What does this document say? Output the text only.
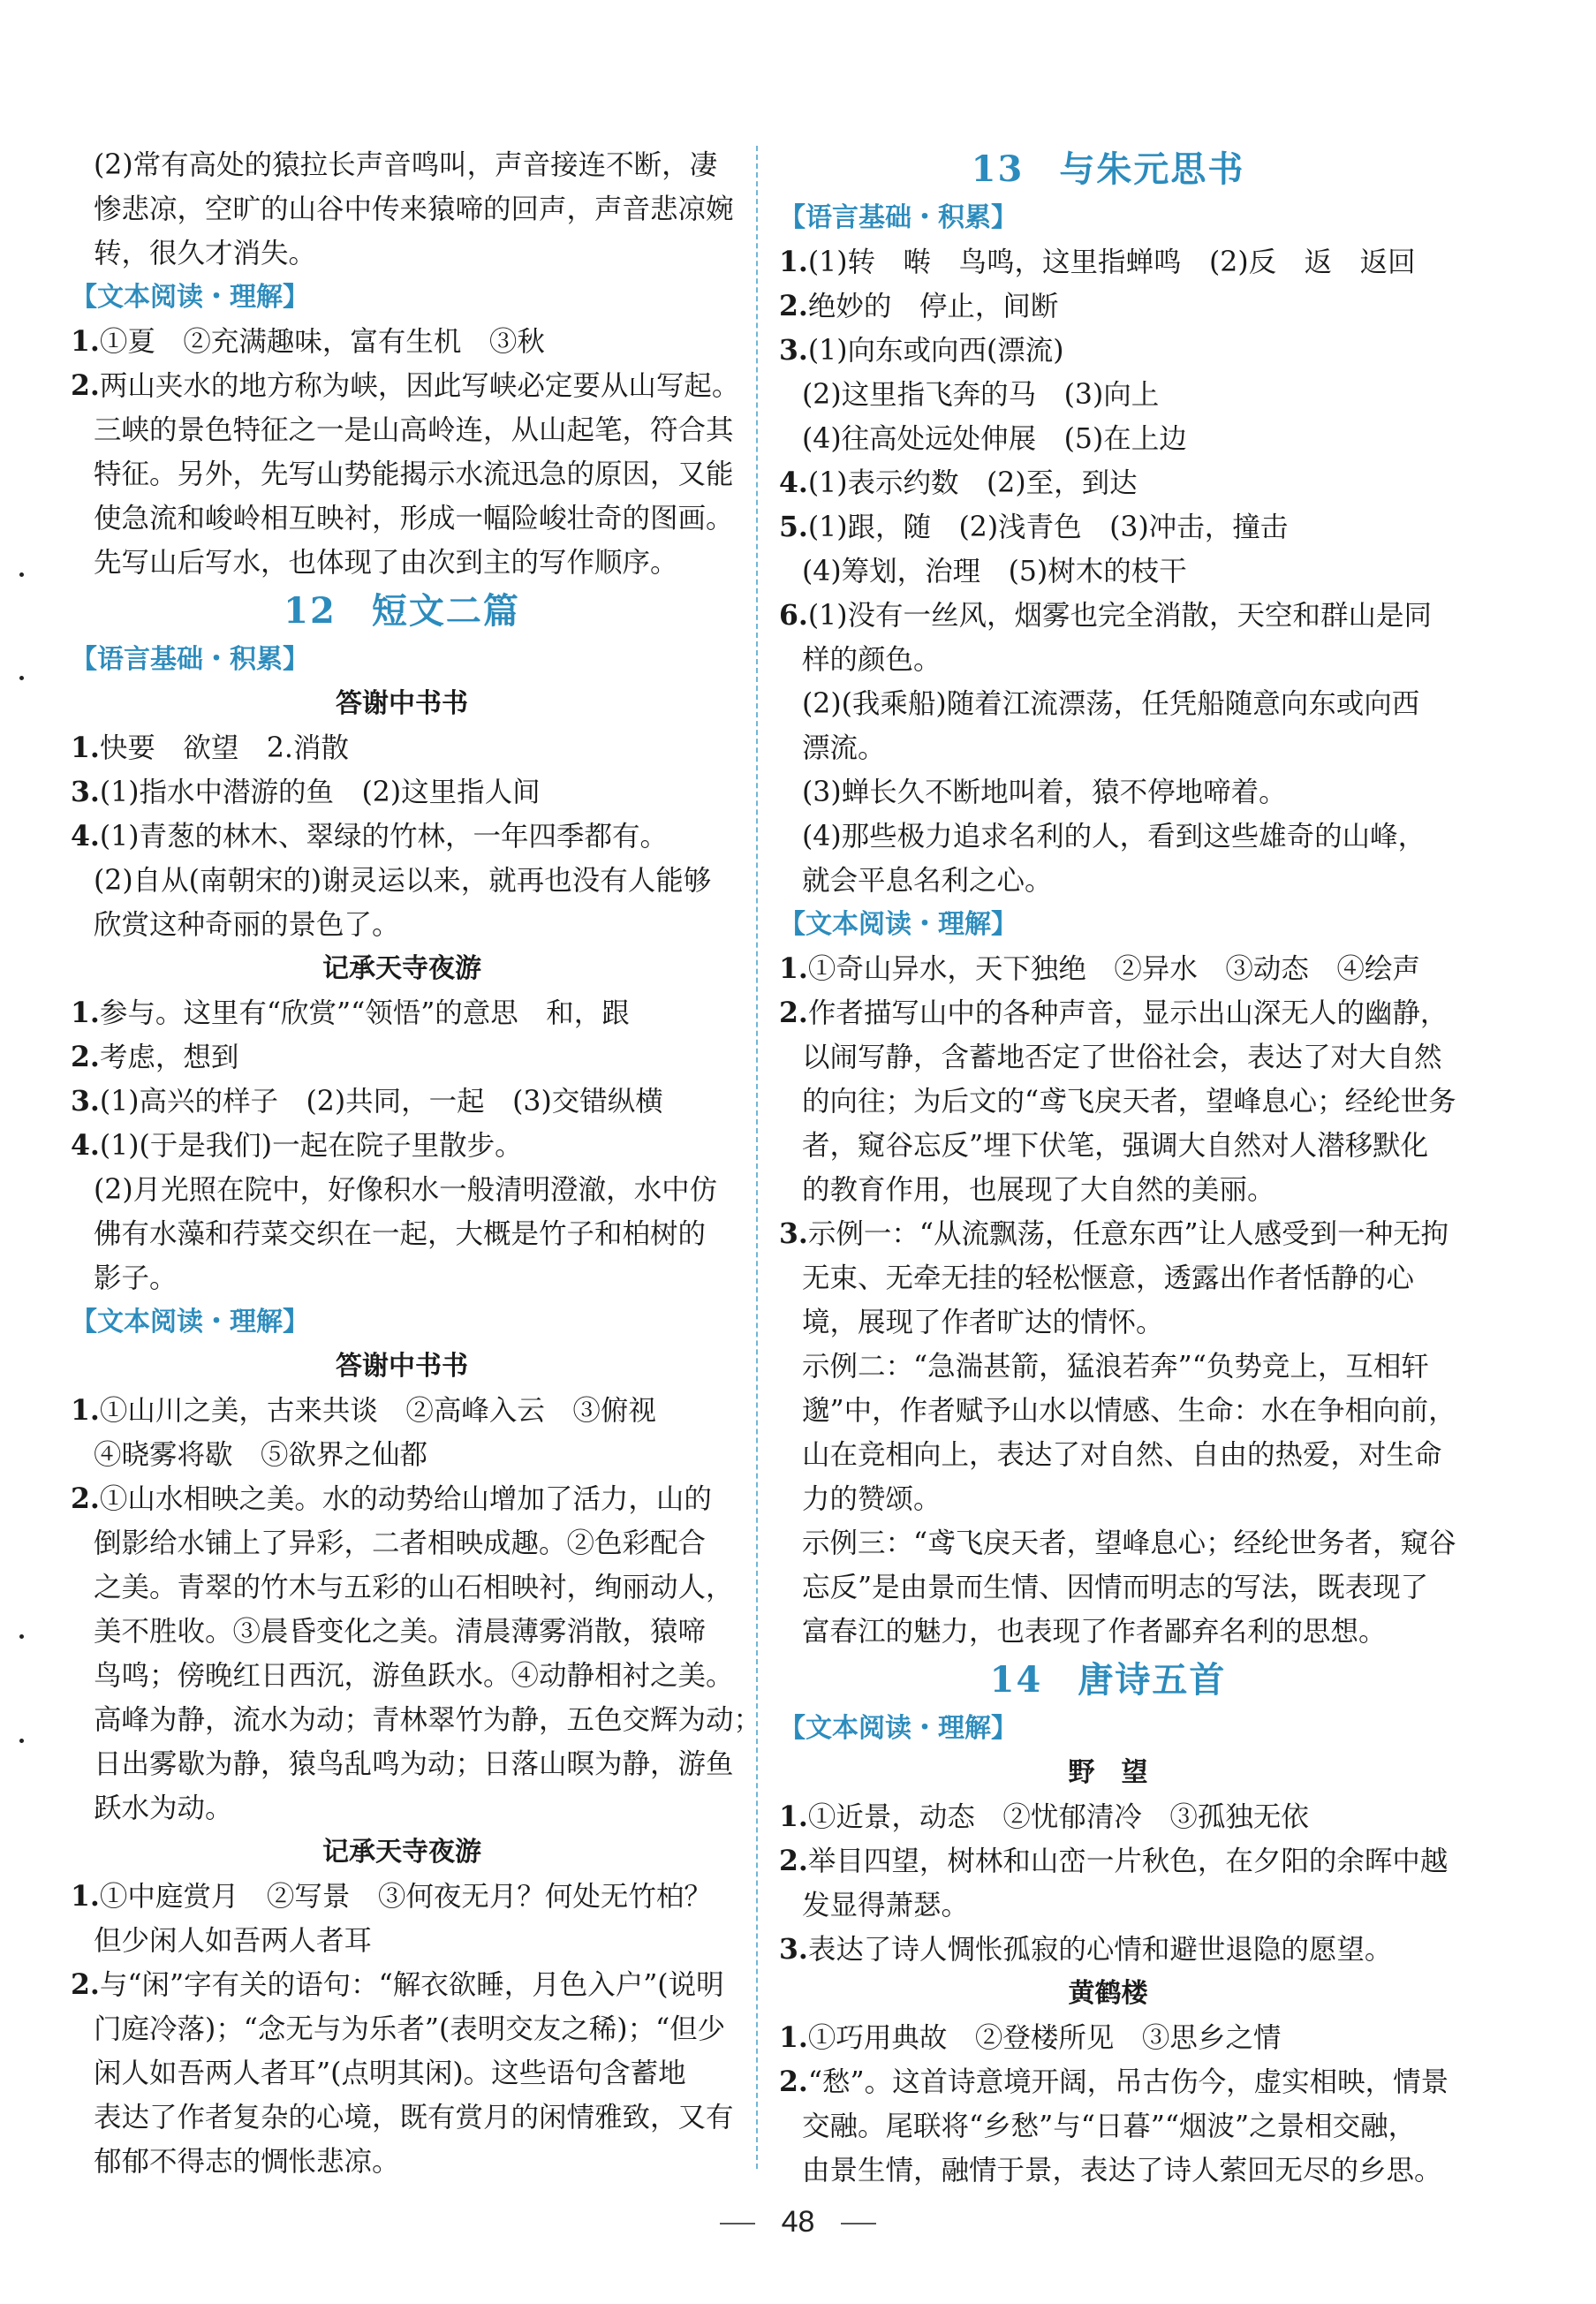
(2)常有高处的猿拉长声音鸣叫，声音接连不断，凄
惨悲凉，空旷的山谷中传来猿啼的回声，声音悲凉婉
转，很久才消失。
【文本阅读・理解】
1.①夏　②充满趣味，富有生机　③秋
2.两山夹水的地方称为峡，因此写峡必定要从山写起。
三峡的景色特征之一是山高岭连，从山起笔，符合其
特征。另外，先写山势能揭示水流迅急的原因，又能
使急流和峻岭相互映衬，形成一幅险峻壮奇的图画。
先写山后写水，也体现了由次到主的写作顺序。
12 短文二篇
【语言基础・积累】
答谢中书书
1.快要　欲望　2.消散
3.(1)指水中潜游的鱼　(2)这里指人间
4.(1)青葱的林木、翠绿的竹林，一年四季都有。
(2)自从(南朝宋的)谢灵运以来，就再也没有人能够
欣赏这种奇丽的景色了。
记承天寺夜游
1.参与。这里有“欣赏”“领悟”的意思　和，跟
2.考虑，想到
3.(1)高兴的样子　(2)共同，一起　(3)交错纵横
4.(1)(于是我们)一起在院子里散步。
(2)月光照在院中，好像积水一般清明澄澈，水中仿
佛有水藻和荇菜交织在一起，大概是竹子和柏树的
影子。
【文本阅读・理解】
答谢中书书
1.①山川之美，古来共谈　②高峰入云　③俯视
④晓雾将歇　⑤欲界之仙都
2.①山水相映之美。水的动势给山增加了活力，山的
倒影给水铺上了异彩，二者相映成趣。②色彩配合
之美。青翠的竹木与五彩的山石相映衬，绚丽动人，
美不胜收。③晨昏变化之美。清晨薄雾消散，猿啼
鸟鸣；傍晚红日西沉，游鱼跃水。④动静相衬之美。
高峰为静，流水为动；青林翠竹为静，五色交辉为动；
日出雾歇为静，猿鸟乱鸣为动；日落山暝为静，游鱼
跃水为动。
记承天寺夜游
1.①中庭赏月　②写景　③何夜无月？何处无竹柏？
但少闲人如吾两人者耳
2.与“闲”字有关的语句：“解衣欲睡，月色入户”(说明
门庭冷落)；“念无与为乐者”(表明交友之稀)；“但少
闲人如吾两人者耳”(点明其闲)。这些语句含蓄地
表达了作者复杂的心境，既有赏月的闲情雅致，又有
郁郁不得志的惆怅悲凉。
13 与朱元思书
【语言基础・积累】
1.(1)转　啭　鸟鸣，这里指蝉鸣　(2)反　返　返回
2.绝妙的　停止，间断
3.(1)向东或向西(漂流)
(2)这里指飞奔的马　(3)向上
(4)往高处远处伸展　(5)在上边
4.(1)表示约数　(2)至，到达
5.(1)跟，随　(2)浅青色　(3)冲击，撞击
(4)筹划，治理　(5)树木的枝干
6.(1)没有一丝风，烟雾也完全消散，天空和群山是同
样的颜色。
(2)(我乘船)随着江流漂荡，任凭船随意向东或向西
漂流。
(3)蝉长久不断地叫着，猿不停地啼着。
(4)那些极力追求名利的人，看到这些雄奇的山峰，
就会平息名利之心。
【文本阅读・理解】
1.①奇山异水，天下独绝　②异水　③动态　④绘声
2.作者描写山中的各种声音，显示出山深无人的幽静，
以闹写静，含蓄地否定了世俗社会，表达了对大自然
的向往；为后文的“鸢飞戾天者，望峰息心；经纶世务
者，窥谷忘反”埋下伏笔，强调大自然对人潜移默化
的教育作用，也展现了大自然的美丽。
3.示例一：“从流飘荡，任意东西”让人感受到一种无拘
无束、无牵无挂的轻松惬意，透露出作者恬静的心
境，展现了作者旷达的情怀。
示例二：“急湍甚箭，猛浪若奔”“负势竞上，互相轩
邈”中，作者赋予山水以情感、生命：水在争相向前，
山在竞相向上，表达了对自然、自由的热爱，对生命
力的赞颂。
示例三：“鸢飞戾天者，望峰息心；经纶世务者，窥谷
忘反”是由景而生情、因情而明志的写法，既表现了
富春江的魅力，也表现了作者鄙弃名利的思想。
14 唐诗五首
【文本阅读・理解】
野　望
1.①近景，动态　②忧郁清冷　③孤独无依
2.举目四望，树林和山峦一片秋色，在夕阳的余晖中越
发显得萧瑟。
3.表达了诗人惆怅孤寂的心情和避世退隐的愿望。
黄鹤楼
1.①巧用典故　②登楼所见　③思乡之情
2.“愁”。这首诗意境开阔，吊古伤今，虚实相映，情景
交融。尾联将“乡愁”与“日暮”“烟波”之景相交融，
由景生情，融情于景，表达了诗人萦回无尽的乡思。
48
